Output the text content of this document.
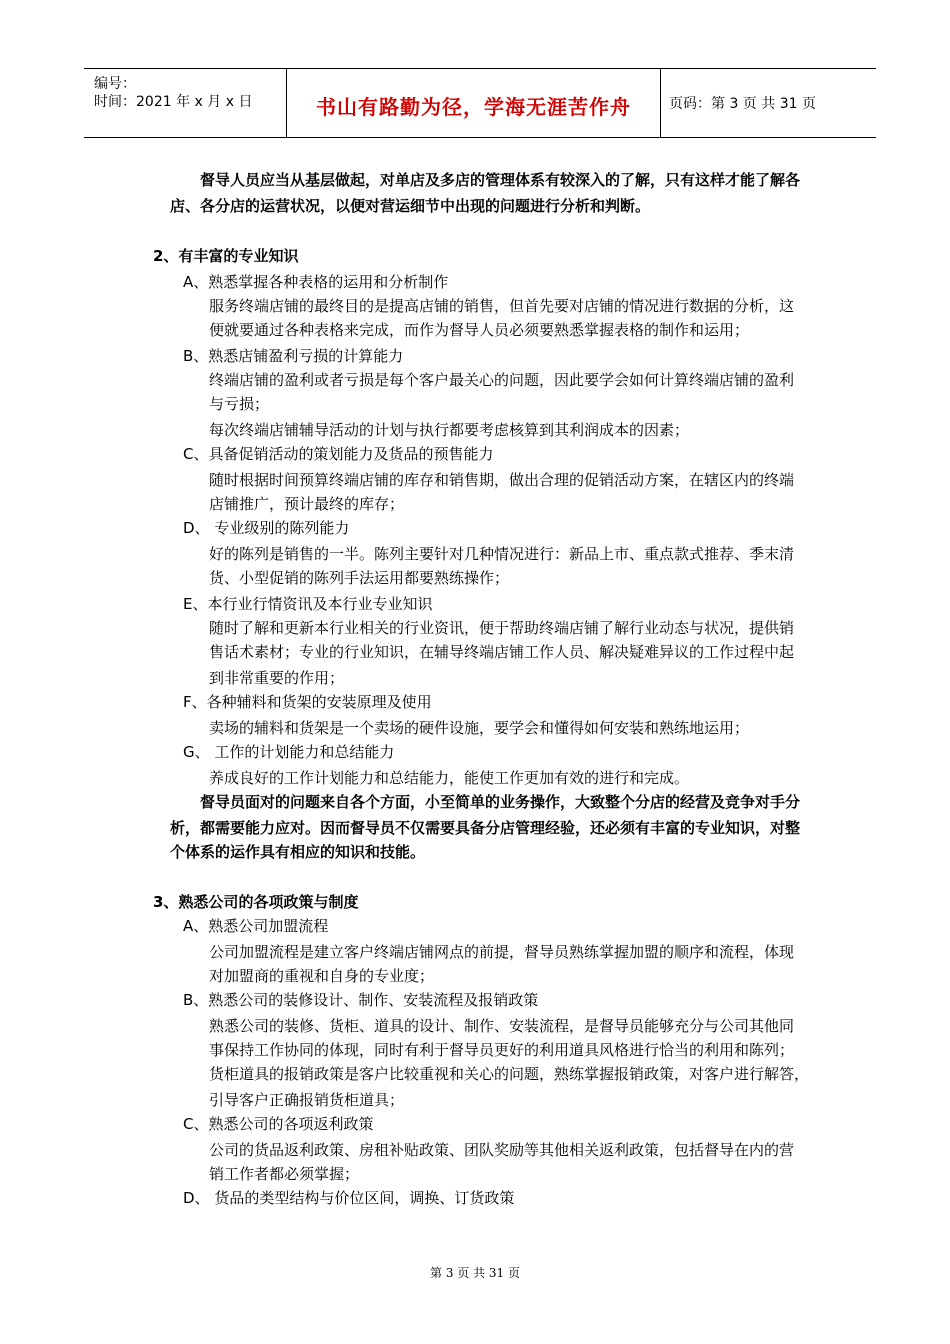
编号：
时间：2021 年 x 月 x 日	书山有路勤为径，学海无涯苦作舟	页码：第 3 页 共 31 页
督导人员应当从基层做起，对单店及多店的管理体系有较深入的了解，只有这样才能了解各
店、各分店的运营状况，以便对营运细节中出现的问题进行分析和判断。
2、有丰富的专业知识
A、熟悉掌握各种表格的运用和分析制作
服务终端店铺的最终目的是提高店铺的销售，但首先要对店铺的情况进行数据的分析，这
便就要通过各种表格来完成，而作为督导人员必须要熟悉掌握表格的制作和运用；
B、熟悉店铺盈利亏损的计算能力
终端店铺的盈利或者亏损是每个客户最关心的问题，因此要学会如何计算终端店铺的盈利
与亏损；
每次终端店铺辅导活动的计划与执行都要考虑核算到其利润成本的因素；
C、具备促销活动的策划能力及货品的预售能力
随时根据时间预算终端店铺的库存和销售期，做出合理的促销活动方案，在辖区内的终端
店铺推广，预计最终的库存；
D、 专业级别的陈列能力
好的陈列是销售的一半。陈列主要针对几种情况进行：新品上市、重点款式推荐、季末清
货、小型促销的陈列手法运用都要熟练操作；
E、本行业行情资讯及本行业专业知识
随时了解和更新本行业相关的行业资讯，便于帮助终端店铺了解行业动态与状况，提供销
售话术素材；专业的行业知识，在辅导终端店铺工作人员、解决疑难异议的工作过程中起
到非常重要的作用；
F、各种辅料和货架的安装原理及使用
卖场的辅料和货架是一个卖场的硬件设施，要学会和懂得如何安装和熟练地运用；
G、 工作的计划能力和总结能力
养成良好的工作计划能力和总结能力，能使工作更加有效的进行和完成。
督导员面对的问题来自各个方面，小至简单的业务操作，大致整个分店的经营及竞争对手分
析，都需要能力应对。因而督导员不仅需要具备分店管理经验，还必须有丰富的专业知识，对整
个体系的运作具有相应的知识和技能。
3、熟悉公司的各项政策与制度
A、熟悉公司加盟流程
公司加盟流程是建立客户终端店铺网点的前提，督导员熟练掌握加盟的顺序和流程，体现
对加盟商的重视和自身的专业度；
B、熟悉公司的装修设计、制作、安装流程及报销政策
熟悉公司的装修、货柜、道具的设计、制作、安装流程，是督导员能够充分与公司其他同
事保持工作协同的体现，同时有利于督导员更好的利用道具风格进行恰当的利用和陈列；
货柜道具的报销政策是客户比较重视和关心的问题，熟练掌握报销政策，对客户进行解答，
引导客户正确报销货柜道具；
C、熟悉公司的各项返利政策
公司的货品返利政策、房租补贴政策、团队奖励等其他相关返利政策，包括督导在内的营
销工作者都必须掌握；
D、 货品的类型结构与价位区间，调换、订货政策
第 3 页 共 31 页
